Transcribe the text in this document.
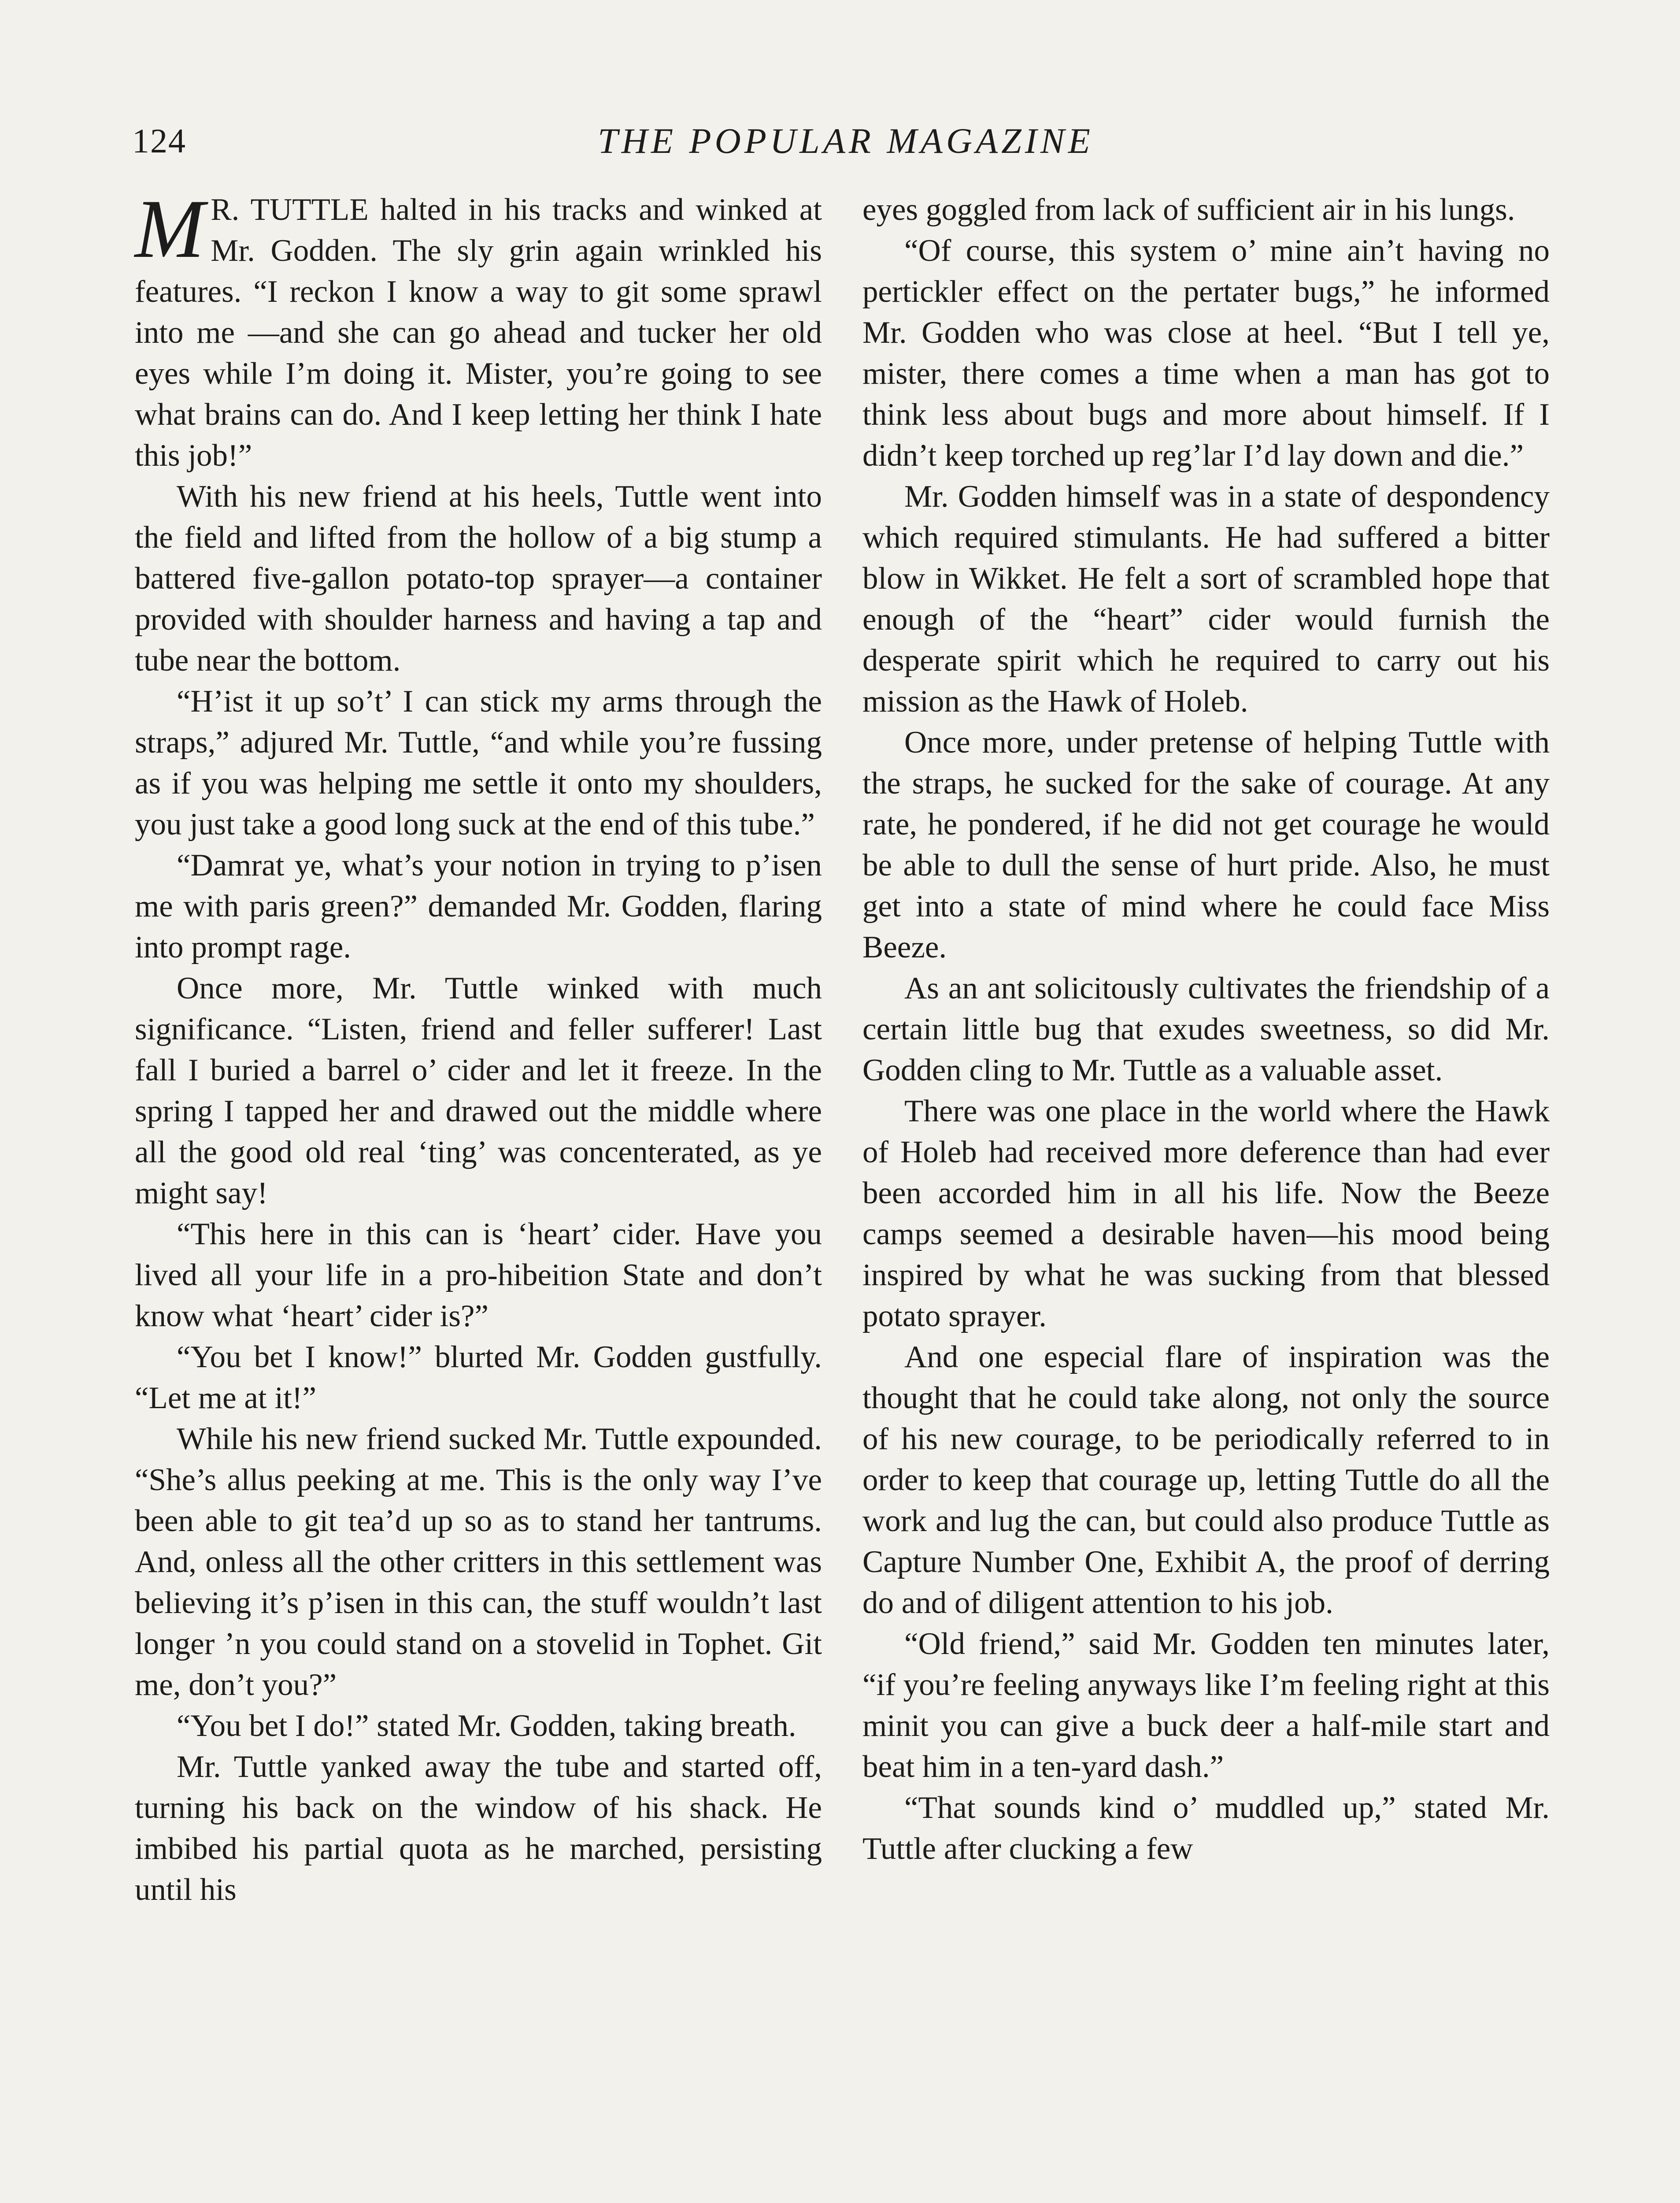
124	THE POPULAR MAGAZINE

M R. TUTTLE halted in his tracks and winked at Mr. Godden. The sly grin again wrinkled his features. “I reckon I know a way to git some sprawl into me —and she can go ahead and tucker her old eyes while I’m doing it. Mister, you’re going to see what brains can do. And I keep letting her think I hate this job!”

With his new friend at his heels, Tuttle went into the field and lifted from the hollow of a big stump a battered five-gallon potato-top sprayer—a container provided with shoulder harness and having a tap and tube near the bottom.

“H’ist it up so’t’ I can stick my arms through the straps,” adjured Mr. Tuttle, “and while you’re fussing as if you was helping me settle it onto my shoulders, you just take a good long suck at the end of this tube.”

“Damrat ye, what’s your notion in trying to p’isen me with paris green?” demanded Mr. Godden, flaring into prompt rage.

Once more, Mr. Tuttle winked with much significance. “Listen, friend and feller sufferer! Last fall I buried a barrel o’ cider and let it freeze. In the spring I tapped her and drawed out the middle where all the good old real ‘ting’ was concenterated, as ye might say!

“This here in this can is ‘heart’ cider. Have you lived all your life in a pro-hibeition State and don’t know what ‘heart’ cider is?”

“You bet I know!” blurted Mr. Godden gustfully. “Let me at it!”

While his new friend sucked Mr. Tuttle expounded. “She’s allus peeking at me. This is the only way I’ve been able to git tea’d up so as to stand her tantrums. And, onless all the other critters in this settlement was believing it’s p’isen in this can, the stuff wouldn’t last longer ’n you could stand on a stovelid in Tophet. Git me, don’t you?”

“You bet I do!” stated Mr. Godden, taking breath.

Mr. Tuttle yanked away the tube and started off, turning his back on the window of his shack. He imbibed his partial quota as he marched, persisting until his

eyes goggled from lack of sufficient air in his lungs.

“Of course, this system o’ mine ain’t having no pertickler effect on the pertater bugs,” he informed Mr. Godden who was close at heel. “But I tell ye, mister, there comes a time when a man has got to think less about bugs and more about himself. If I didn’t keep torched up reg’lar I’d lay down and die.”

Mr. Godden himself was in a state of despondency which required stimulants. He had suffered a bitter blow in Wikket. He felt a sort of scrambled hope that enough of the “heart” cider would furnish the desperate spirit which he required to carry out his mission as the Hawk of Holeb.

Once more, under pretense of helping Tuttle with the straps, he sucked for the sake of courage. At any rate, he pondered, if he did not get courage he would be able to dull the sense of hurt pride. Also, he must get into a state of mind where he could face Miss Beeze.

As an ant solicitously cultivates the friendship of a certain little bug that exudes sweetness, so did Mr. Godden cling to Mr. Tuttle as a valuable asset.

There was one place in the world where the Hawk of Holeb had received more deference than had ever been accorded him in all his life. Now the Beeze camps seemed a desirable haven—his mood being inspired by what he was sucking from that blessed potato sprayer.

And one especial flare of inspiration was the thought that he could take along, not only the source of his new courage, to be periodically referred to in order to keep that courage up, letting Tuttle do all the work and lug the can, but could also produce Tuttle as Capture Number One, Exhibit A, the proof of derring do and of diligent attention to his job.

“Old friend,” said Mr. Godden ten minutes later, “if you’re feeling anyways like I’m feeling right at this minit you can give a buck deer a half-mile start and beat him in a ten-yard dash.”

“That sounds kind o’ muddled up,” stated Mr. Tuttle after clucking a few
